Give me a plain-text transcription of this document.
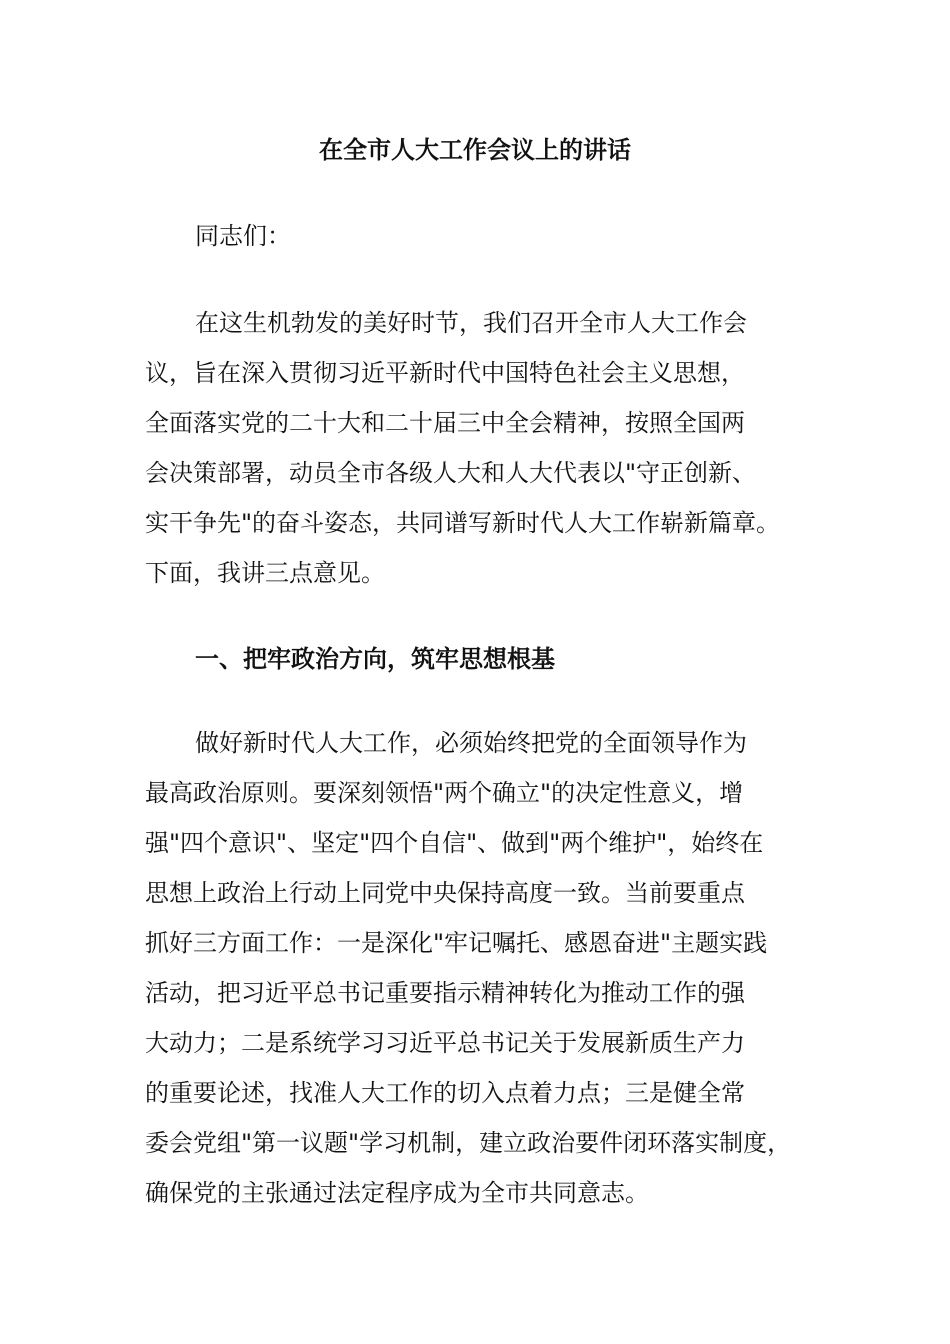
在全市人大工作会议上的讲话

同志们：

在这生机勃发的美好时节，我们召开全市人大工作会

议，旨在深入贯彻习近平新时代中国特色社会主义思想，

全面落实党的二十大和二十届三中全会精神，按照全国两

会决策部署，动员全市各级人大和人大代表以"守正创新、

实干争先"的奋斗姿态，共同谱写新时代人大工作崭新篇章。

下面，我讲三点意见。

一、把牢政治方向，筑牢思想根基

做好新时代人大工作，必须始终把党的全面领导作为

最高政治原则。要深刻领悟"两个确立"的决定性意义，增

强"四个意识"、坚定"四个自信"、做到"两个维护"，始终在

思想上政治上行动上同党中央保持高度一致。当前要重点

抓好三方面工作：一是深化"牢记嘱托、感恩奋进"主题实践

活动，把习近平总书记重要指示精神转化为推动工作的强

大动力；二是系统学习习近平总书记关于发展新质生产力

的重要论述，找准人大工作的切入点着力点；三是健全常

委会党组"第一议题"学习机制，建立政治要件闭环落实制度，

确保党的主张通过法定程序成为全市共同意志。
